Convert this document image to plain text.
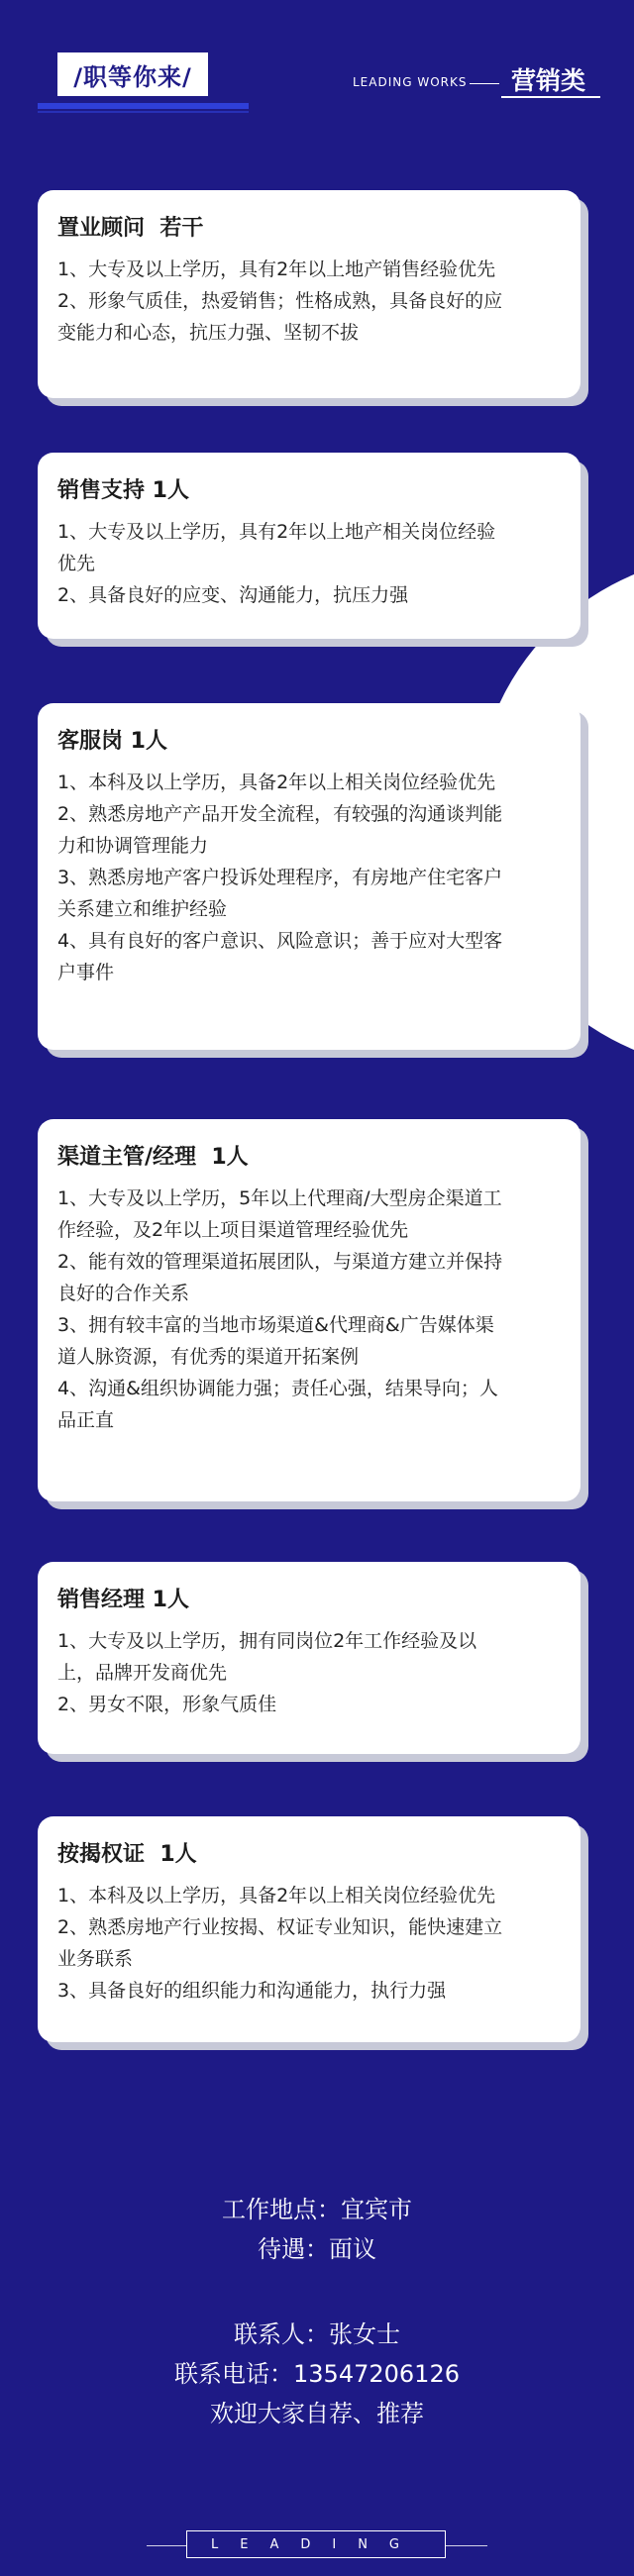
/职等你来/	LEADING WORKS 营销类

置业顾问  若干

1、大专及以上学历，具有2年以上地产销售经验优先

2、形象气质佳，热爱销售；性格成熟，具备良好的应

变能力和心态，抗压力强、坚韧不拔

销售支持 1人

1、大专及以上学历，具有2年以上地产相关岗位经验

优先

2、具备良好的应变、沟通能力，抗压力强

客服岗 1人

1、本科及以上学历，具备2年以上相关岗位经验优先

2、熟悉房地产产品开发全流程，有较强的沟通谈判能

力和协调管理能力

3、熟悉房地产客户投诉处理程序，有房地产住宅客户

关系建立和维护经验

4、具有良好的客户意识、风险意识；善于应对大型客

户事件

渠道主管/经理  1人

1、大专及以上学历，5年以上代理商/大型房企渠道工

作经验，及2年以上项目渠道管理经验优先

2、能有效的管理渠道拓展团队，与渠道方建立并保持

良好的合作关系

3、拥有较丰富的当地市场渠道&代理商&广告媒体渠

道人脉资源，有优秀的渠道开拓案例

4、沟通&组织协调能力强；责任心强，结果导向；人

品正直

销售经理 1人

1、大专及以上学历，拥有同岗位2年工作经验及以

上，品牌开发商优先

2、男女不限，形象气质佳

按揭权证  1人

1、本科及以上学历，具备2年以上相关岗位经验优先

2、熟悉房地产行业按揭、权证专业知识，能快速建立

业务联系

3、具备良好的组织能力和沟通能力，执行力强

工作地点：宜宾市
待遇：面议
联系人：张女士
联系电话：13547206126
欢迎大家自荐、推荐
LEADING
